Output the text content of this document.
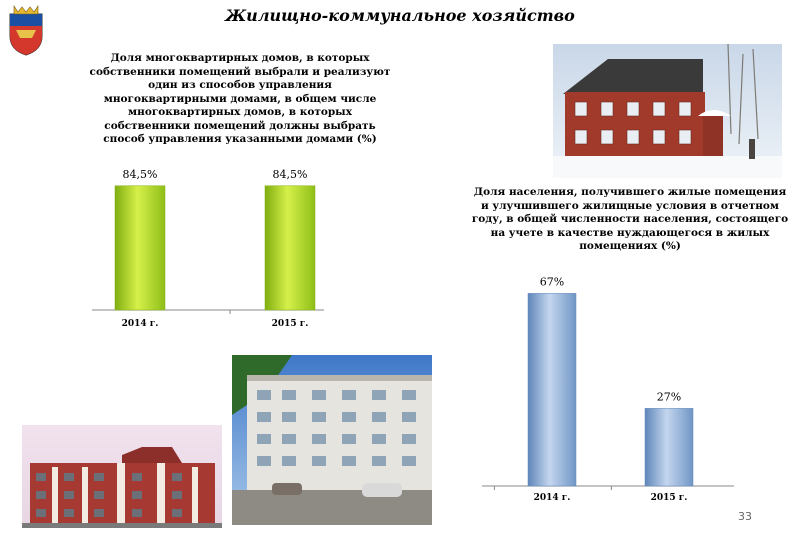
Жилищно-коммунальное хозяйство
Доля многоквартирных домов, в которых собственники помещений выбрали и реализуют один из способов управления многоквартирными домами, в общем числе многоквартирных домов, в которых собственники помещений должны выбрать способ управления указанными домами (%)
84,5%
2014 г.
84,5%
2015 г.
Доля населения, получившего жилые помещения и улучшившего жилищные условия в отчетном году, в общей численности населения, состоящего на учете в качестве нуждающегося в жилых помещениях (%)
67%
2014 г.
27%
2015 г.
33
